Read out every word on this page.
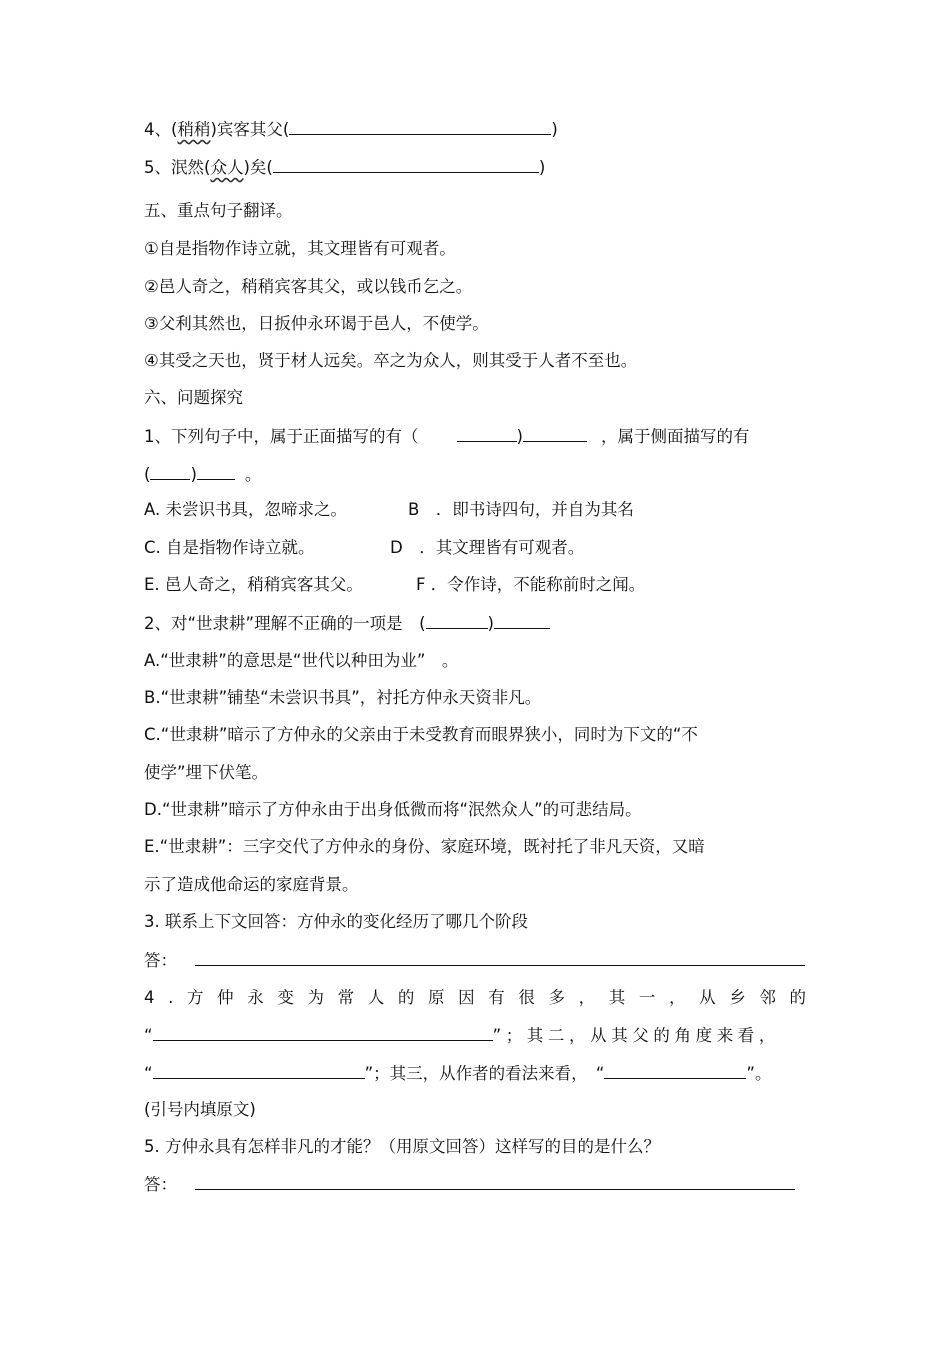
4、(稍稍)宾客其父(	)
5、泯然(众人)矣(	)
五、重点句子翻译。
①自是指物作诗立就，其文理皆有可观者。
②邑人奇之，稍稍宾客其父，或以钱币乞之。
③父利其然也，日扳仲永环谒于邑人，不使学。
④其受之天也，贤于材人远矣。卒之为众人，则其受于人者不至也。
六、问题探究
1、下列句子中，属于正面描写的有（	)	，属于侧面描写的有
( )	。
A. 未尝识书具，忽啼求之。	B　．即书诗四句，并自为其名
C. 自是指物作诗立就。	D　．其文理皆有可观者。
E. 邑人奇之，稍稍宾客其父。	F ．令作诗，不能称前时之闻。
2、对“世隶耕”理解不正确的一项是　(	)
A.“世隶耕”的意思是“世代以种田为业”　。
B.“世隶耕”铺垫“未尝识书具”，衬托方仲永天资非凡。
C.“世隶耕”暗示了方仲永的父亲由于未受教育而眼界狭小，同时为下文的“不
使学”埋下伏笔。
D.“世隶耕”暗示了方仲永由于出身低微而将“泯然众人”的可悲结局。
E.“世隶耕”：三字交代了方仲永的身份、家庭环境，既衬托了非凡天资，又暗
示了造成他命运的家庭背景。
3. 联系上下文回答：方仲永的变化经历了哪几个阶段
答：
4 . 方 仲 永 变 为 常 人 的 原 因 有 很 多 ， 其 一 ， 从 乡 邻 的
“	”；其二，从其父的角度来看，
“	”；其三，从作者的看法来看，　“	”。
(引号内填原文)
5. 方仲永具有怎样非凡的才能？（用原文回答）这样写的目的是什么？
答：
